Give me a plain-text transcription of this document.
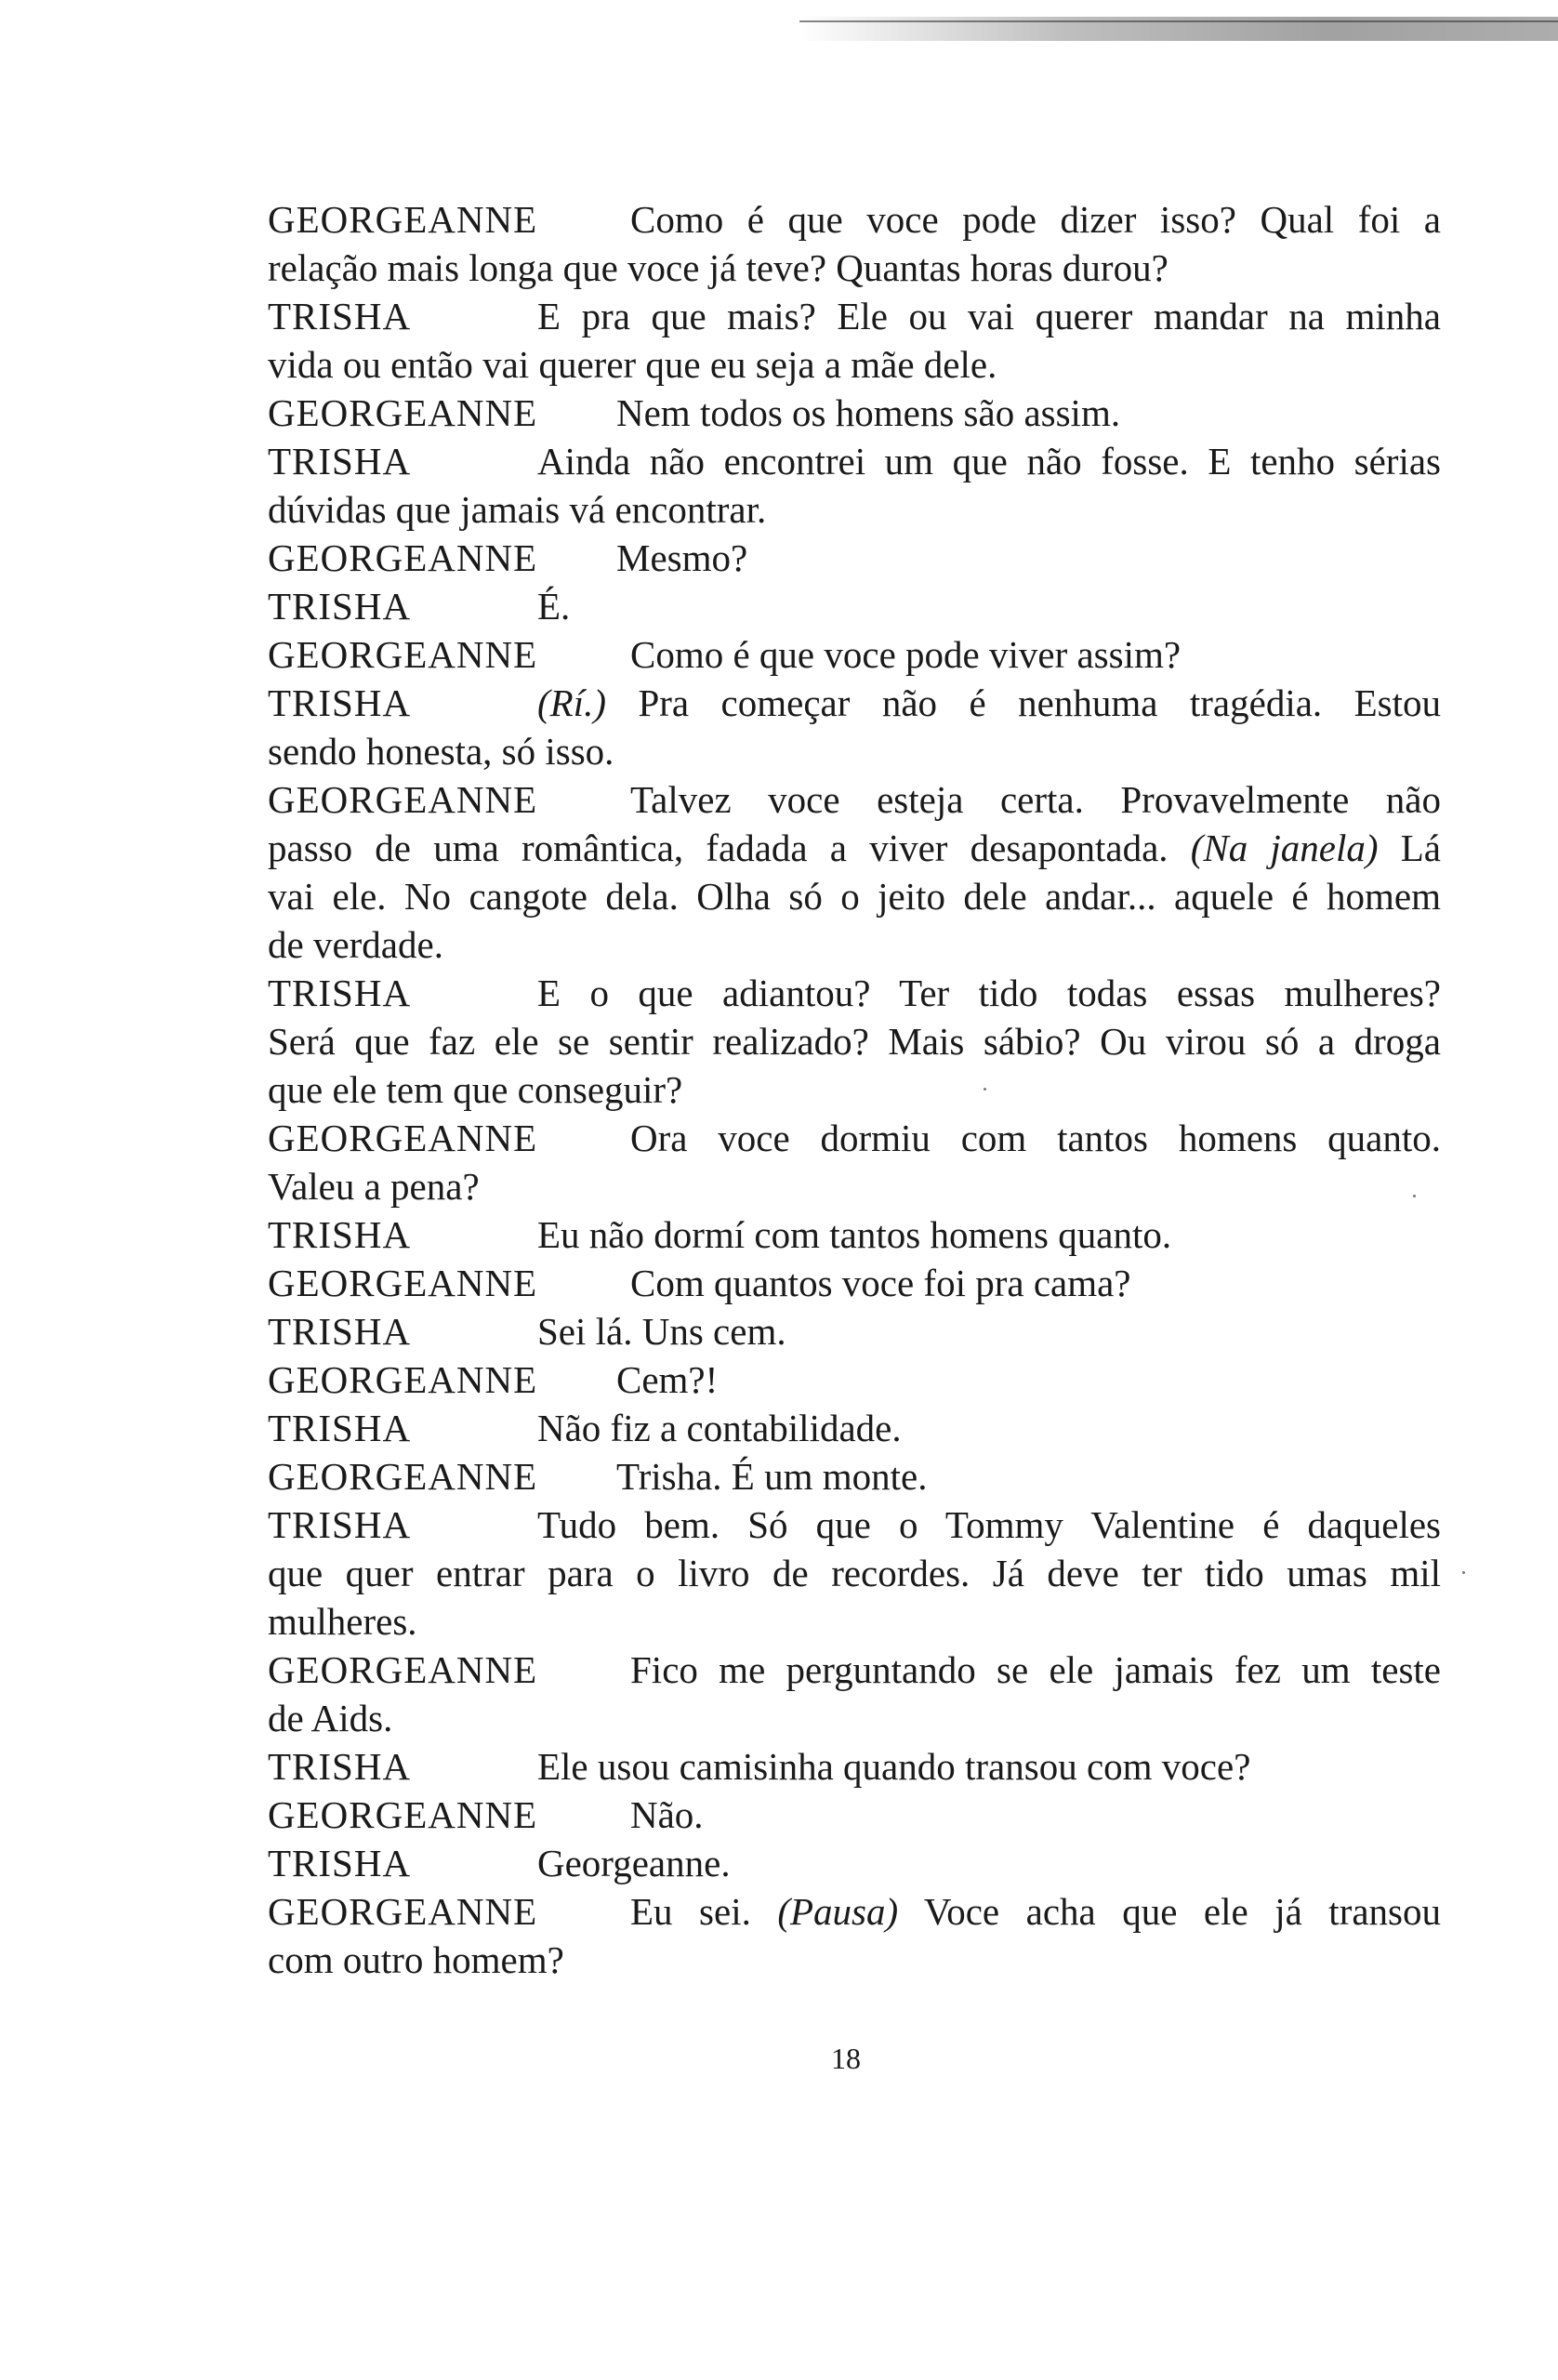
GEORGEANNE Como é que voce pode dizer isso? Qual foi a
relação mais longa que voce já teve? Quantas horas durou?
TRISHA	E pra que mais? Ele ou vai querer mandar na minha
vida ou então vai querer que eu seja a mãe dele.
GEORGEANNE Nem todos os homens são assim.
TRISHA	Ainda não encontrei um que não fosse. E tenho sérias
dúvidas que jamais vá encontrar.
GEORGEANNE Mesmo?
TRISHA	É.
GEORGEANNE Como é que voce pode viver assim?
TRISHA	(Rí.) Pra começar não é nenhuma tragédia. Estou
sendo honesta, só isso.
GEORGEANNE Talvez voce esteja certa. Provavelmente não
passo de uma romântica, fadada a viver desapontada. (Na janela) Lá
vai ele. No cangote dela. Olha só o jeito dele andar... aquele é homem
de verdade.
TRISHA	E o que adiantou? Ter tido todas essas mulheres?
Será que faz ele se sentir realizado? Mais sábio? Ou virou só a droga
que ele tem que conseguir?
GEORGEANNE Ora voce dormiu com tantos homens quanto.
Valeu a pena?
TRISHA	Eu não dormí com tantos homens quanto.
GEORGEANNE Com quantos voce foi pra cama?
TRISHA	Sei lá. Uns cem.
GEORGEANNE Cem?!
TRISHA	Não fiz a contabilidade.
GEORGEANNE Trisha. É um monte.
TRISHA	Tudo bem. Só que o Tommy Valentine é daqueles
que quer entrar para o livro de recordes. Já deve ter tido umas mil
mulheres.
GEORGEANNE Fico me perguntando se ele jamais fez um teste
de Aids.
TRISHA	Ele usou camisinha quando transou com voce?
GEORGEANNE Não.
TRISHA	Georgeanne.
GEORGEANNE Eu sei. (Pausa) Voce acha que ele já transou
com outro homem?
18
